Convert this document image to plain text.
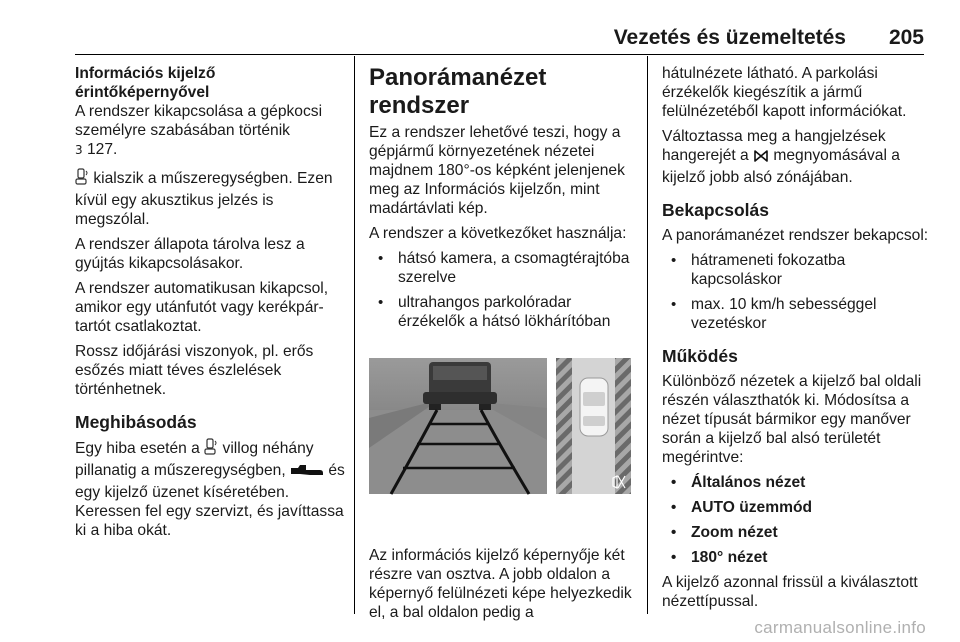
Vezetés és üzemeltetés 205

Információs kijelző érintőképernyővel
A rendszer kikapcsolása a gépkocsi személyre szabásában történik
3 127.

kialszik a műszeregységben. Ezen kívül egy akusztikus jelzés is megszólal.

A rendszer állapota tárolva lesz a gyújtás kikapcsolásakor.

A rendszer automatikusan kikapcsol, amikor egy utánfutót vagy kerékpár-tartót csatlakoztat.

Rossz időjárási viszonyok, pl. erős esőzés miatt téves észlelések történhetnek.

Meghibásodás

Egy hiba esetén a  villog néhány pillanatig a műszeregységben,  és egy kijelző üzenet kíséretében. Keressen fel egy szervizt, és javíttassa ki a hiba okát.

Panorámanézet rendszer

Ez a rendszer lehetővé teszi, hogy a gépjármű környezetének nézetei majdnem 180°-os képként jelenjenek meg az Információs kijelzőn, mint madártávlati kép.

A rendszer a következőket használja:

• hátsó kamera, a csomagtérajtóba szerelve
• ultrahangos parkolóradar érzékelők a hátsó lökhárítóban

Az információs kijelző képernyője két részre van osztva. A jobb oldalon a képernyő felülnézeti képe helyezkedik el, a bal oldalon pedig a

hátulnézete látható. A parkolási érzékelők kiegészítik a jármű felülnézetéből kapott információkat.

Változtassa meg a hangjelzések hangerejét a  megnyomásával a kijelző jobb alsó zónájában.

Bekapcsolás

A panorámanézet rendszer bekapcsol:

• hátrameneti fokozatba kapcsoláskor
• max. 10 km/h sebességgel vezetéskor
Működés

Különböző nézetek a kijelző bal oldali részén választhatók ki. Módosítsa a nézet típusát bármikor egy manőver során a kijelző bal alsó területét megérintve:

• Általános nézet
• AUTO üzemmód
• Zoom nézet
• 180° nézet

A kijelző azonnal frissül a kiválasztott nézettípussal.

carmanualsonline.info
